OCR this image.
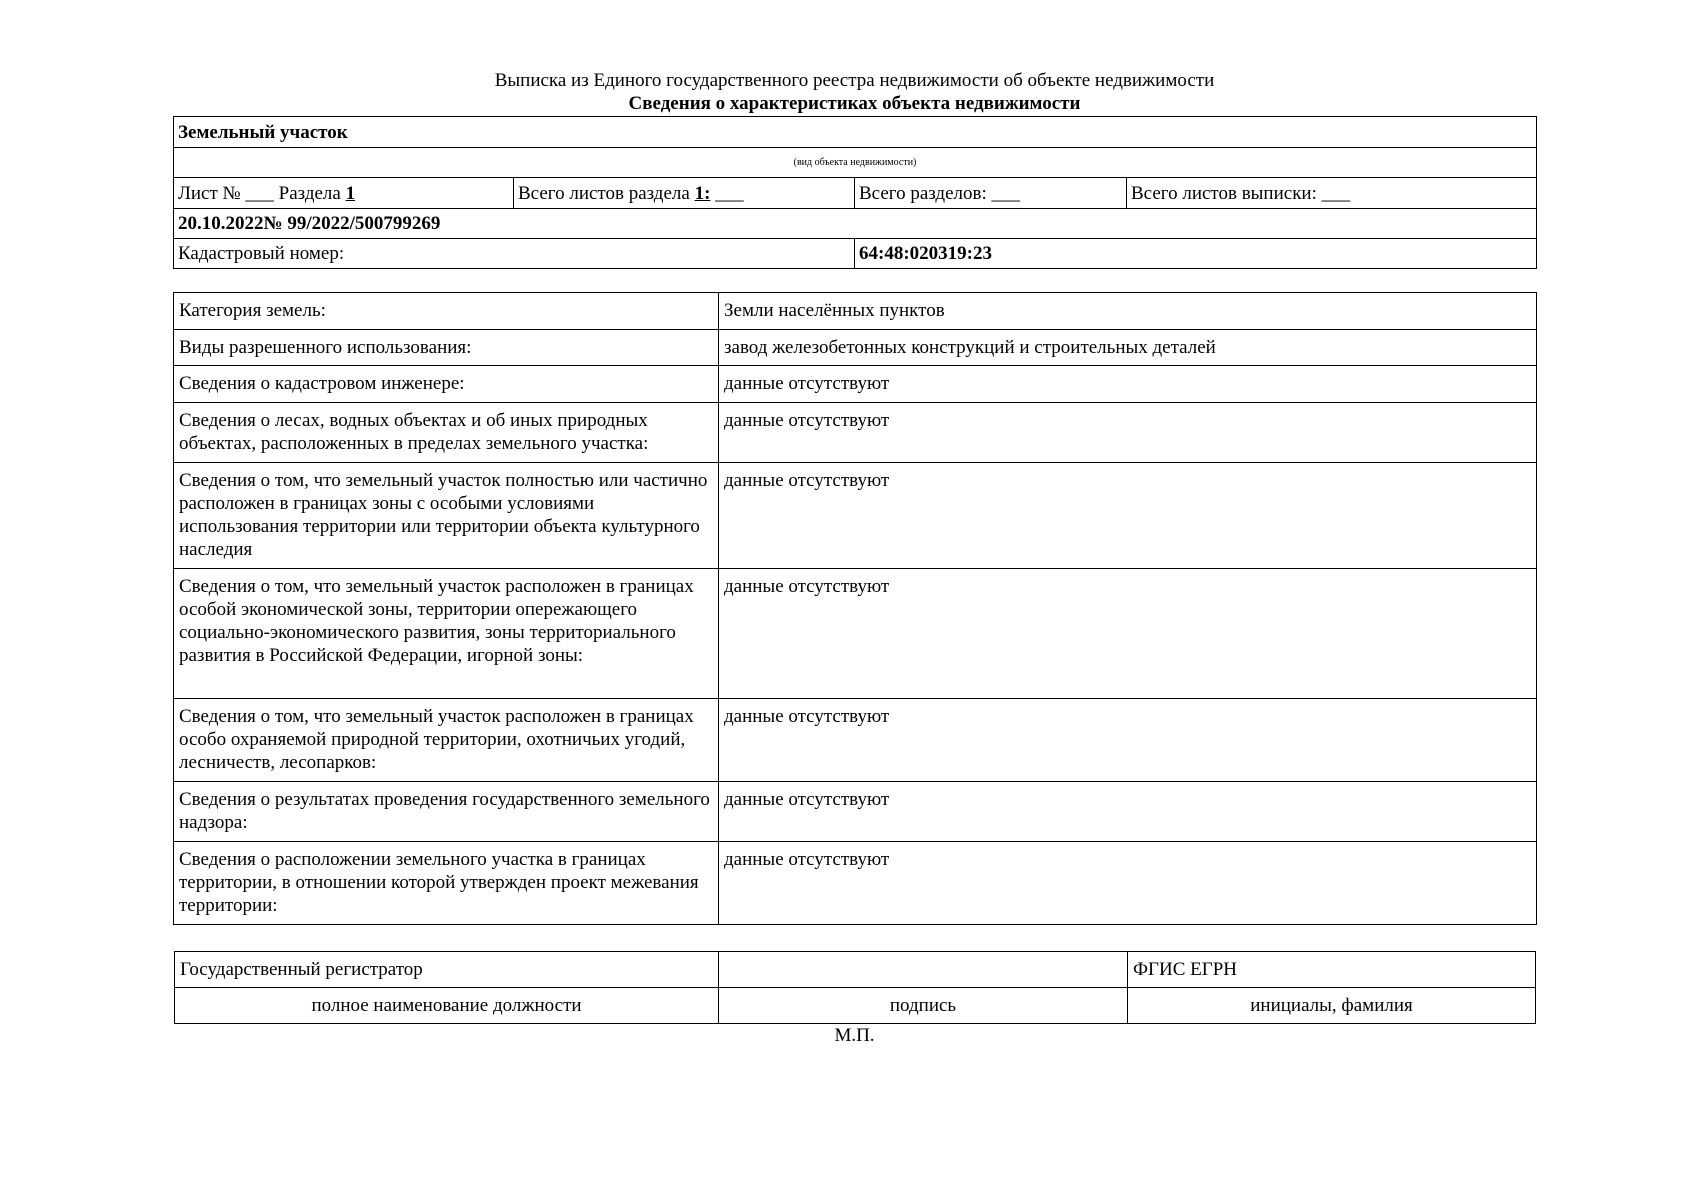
Выписка из Единого государственного реестра недвижимости об объекте недвижимости
Сведения о характеристиках объекта недвижимости
Земельный участок			
(вид объекта недвижимости)			
Лист № ___ Раздела 1	Всего листов раздела 1: ___	Всего разделов: ___	Всего листов выписки: ___
20.10.2022№ 99/2022/500799269			
Кадастровый номер:		64:48:020319:23	
Категория земель:	Земли населённых пунктов
Виды разрешенного использования:	завод железобетонных конструкций и строительных деталей
Сведения о кадастровом инженере:	данные отсутствуют
Сведения о лесах, водных объектах и об иных природных объектах, расположенных в пределах земельного участка:	данные отсутствуют
Сведения о том, что земельный участок полностью или частично расположен в границах зоны с особыми условиями использования территории или территории объекта культурного наследия	данные отсутствуют
Сведения о том, что земельный участок расположен в границах особой экономической зоны, территории опережающего социально-экономического развития, зоны территориального развития в Российской Федерации, игорной зоны:	данные отсутствуют
Сведения о том, что земельный участок расположен в границах особо охраняемой природной территории, охотничьих угодий, лесничеств, лесопарков:	данные отсутствуют
Сведения о результатах проведения государственного земельного надзора:	данные отсутствуют
Сведения о расположении земельного участка в границах территории, в отношении которой утвержден проект межевания территории:	данные отсутствуют
Государственный регистратор		ФГИС ЕГРН
полное наименование должности	подпись	инициалы, фамилия
М.П.
